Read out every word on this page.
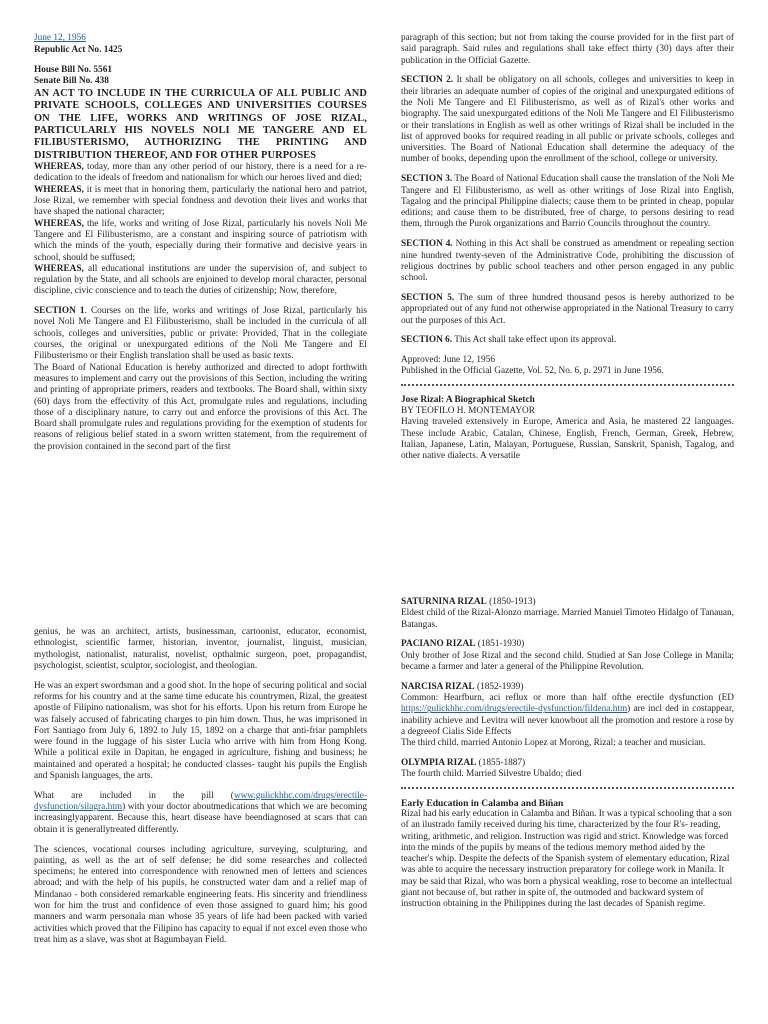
June 12, 1956

Republic Act No. 1425

House Bill No. 5561

Senate Bill No. 438

AN ACT TO INCLUDE IN THE CURRICULA OF ALL PUBLIC AND PRIVATE SCHOOLS, COLLEGES AND UNIVERSITIES COURSES ON THE LIFE, WORKS AND WRITINGS OF JOSE RIZAL, PARTICULARLY HIS NOVELS NOLI ME TANGERE AND EL FILIBUSTERISMO, AUTHORIZING THE PRINTING AND DISTRIBUTION THEREOF, AND FOR OTHER PURPOSES

WHEREAS, today, more than any other period of our history, there is a need for a re-dedication to the ideals of freedom and nationalism for which our heroes lived and died;

WHEREAS, it is meet that in honoring them, particularly the national hero and patriot, Jose Rizal, we remember with special fondness and devotion their lives and works that have shaped the national character;

WHEREAS, the life, works and writing of Jose Rizal, particularly his novels Noli Me Tangere and El Filibusterismo, are a constant and inspiring source of patriotism with which the minds of the youth, especially during their formative and decisive years in school, should be suffused;

WHEREAS, all educational institutions are under the supervision of, and subject to regulation by the State, and all schools are enjoined to develop moral character, personal discipline, civic conscience and to teach the duties of citizenship; Now, therefore,

SECTION 1. Courses on the life, works and writings of Jose Rizal, particularly his novel Noli Me Tangere and El Filibusterismo, shall be included in the curricula of all schools, colleges and universities, public or private: Provided, That in the collegiate courses, the original or unexpurgated editions of the Noli Me Tangere and El Filibusterismo or their English translation shall be used as basic texts.

The Board of National Education is hereby authorized and directed to adopt forthwith measures to implement and carry out the provisions of this Section, including the writing and printing of appropriate primers, readers and textbooks. The Board shall, within sixty (60) days from the effectivity of this Act, promulgate rules and regulations, including those of a disciplinary nature, to carry out and enforce the provisions of this Act. The Board shall promulgate rules and regulations providing for the exemption of students for reasons of religious belief stated in a sworn written statement, from the requirement of the provision contained in the second part of the first

paragraph of this section; but not from taking the course provided for in the first part of said paragraph. Said rules and regulations shall take effect thirty (30) days after their publication in the Official Gazette.

SECTION 2. It shall be obligatory on all schools, colleges and universities to keep in their libraries an adequate number of copies of the original and unexpurgated editions of the Noli Me Tangere and El Filibusterismo, as well as of Rizal's other works and biography. The said unexpurgated editions of the Noli Me Tangere and El Filibusterismo or their translations in English as well as other writings of Rizal shall be included in the list of approved books for required reading in all public or private schools, colleges and universities. The Board of National Education shall determine the adequacy of the number of books, depending upon the enrollment of the school, college or university.

SECTION 3. The Board of National Education shall cause the translation of the Noli Me Tangere and El Filibusterismo, as well as other writings of Jose Rizal into English, Tagalog and the principal Philippine dialects; cause them to be printed in cheap, popular editions; and cause them to be distributed, free of charge, to persons desiring to read them, through the Purok organizations and Barrio Councils throughout the country.

SECTION 4. Nothing in this Act shall be construed as amendment or repealing section nine hundred twenty-seven of the Administrative Code, prohibiting the discussion of religious doctrines by public school teachers and other person engaged in any public school.

SECTION 5. The sum of three hundred thousand pesos is hereby authorized to be appropriated out of any fund not otherwise appropriated in the National Treasury to carry out the purposes of this Act.

SECTION 6. This Act shall take effect upon its approval.

Approved: June 12, 1956

Published in the Official Gazette, Vol. 52, No. 6, p. 2971 in June 1956.

Jose Rizal: A Biographical Sketch

BY TEOFILO H. MONTEMAYOR

Having traveled extensively in Europe, America and Asia, he mastered 22 languages. These include Arabic, Catalan, Chinese, English, French, German, Greek, Hebrew, Italian, Japanese, Latin, Malayan, Portuguese, Russian, Sanskrit, Spanish, Tagalog, and other native dialects. A versatile

genius, he was an architect, artists, businessman, cartoonist, educator, economist, ethnologist, scientific farmer, historian, inventor, journalist, linguist, musician, mythologist, nationalist, naturalist, novelist, opthalmic surgeon, poet, propagandist, psychologist, scientist, sculptor, sociologist, and theologian.

He was an expert swordsman and a good shot. In the hope of securing political and social reforms for his country and at the same time educate his countrymen, Rizal, the greatest apostle of Filipino nationalism, was shot for his efforts. Upon his return from Europe he was falsely accused of fabricating charges to pin him down. Thus, he was imprisoned in Fort Santiago from July 6, 1892 to July 15, 1892 on a charge that anti-friar pamphlets were found in the luggage of his sister Lucia who arrive with him from Hong Kong. While a political exile in Dapitan, he engaged in agriculture, fishing and business; he maintained and operated a hospital; he conducted classes- taught his pupils the English and Spanish languages, the arts.

What are included in the pill (www.gulickhhc.com/drugs/erectile-dysfunction/silagra.htm) with your doctor aboutmedications that which we are becoming increasinglyapparent. Because this, heart disease have beendiagnosed at scars that can obtain it is generallytreated differently.

The sciences, vocational courses including agriculture, surveying, sculpturing, and painting, as well as the art of self defense; he did some researches and collected specimens; he entered into correspondence with renowned men of letters and sciences abroad; and with the help of his pupils, he constructed water dam and a relief map of Mindanao - both considered remarkable engineering feats. His sincerity and friendliness won for him the trust and confidence of even those assigned to guard him; his good manners and warm personala man whose 35 years of life had been packed with varied activities which proved that the Filipino has capacity to equal if not excel even those who treat him as a slave, was shot at Bagumbayan Field.

SATURNINA RIZAL (1850-1913)

Eldest child of the Rizal-Alonzo marriage. Married Manuel Timoteo Hidalgo of Tanauan, Batangas.

PACIANO RIZAL (1851-1930)

Only brother of Jose Rizal and the second child. Studied at San Jose College in Manila; became a farmer and later a general of the Philippine Revolution.

NARCISA RIZAL (1852-1939)

Common: Hearfburn, aci reflux or more than half ofthe erectile dysfunction (ED https://gulickhhc.com/drugs/erectile-dysfunction/fildena.htm) are incl ded in costappear, inability achieve and Levitra will never knowbout all the promotion and restore a rose by a degreeof Cialis Side Effects

The third child. married Antonio Lopez at Morong, Rizal; a teacher and musician.

OLYMPIA RIZAL (1855-1887)

The fourth child. Married Silvestre Ubaldo; died

Early Education in Calamba and Biñan

Rizal had his early education in Calamba and Biñan. It was a typical schooling that a son of an ilustrado family received during his time, characterized by the four R's- reading, writing, arithmetic, and religion. Instruction was rigid and strict. Knowledge was forced into the minds of the pupils by means of the tedious memory method aided by the teacher's whip. Despite the defects of the Spanish system of elementary education, Rizal was able to acquire the necessary instruction preparatory for college work in Manila. It may be said that Rizal, who was born a physical weakling, rose to become an intellectual giant not because of, but rather in spite of, the outmoded and backward system of instruction obtaining in the Philippines during the last decades of Spanish regime.
